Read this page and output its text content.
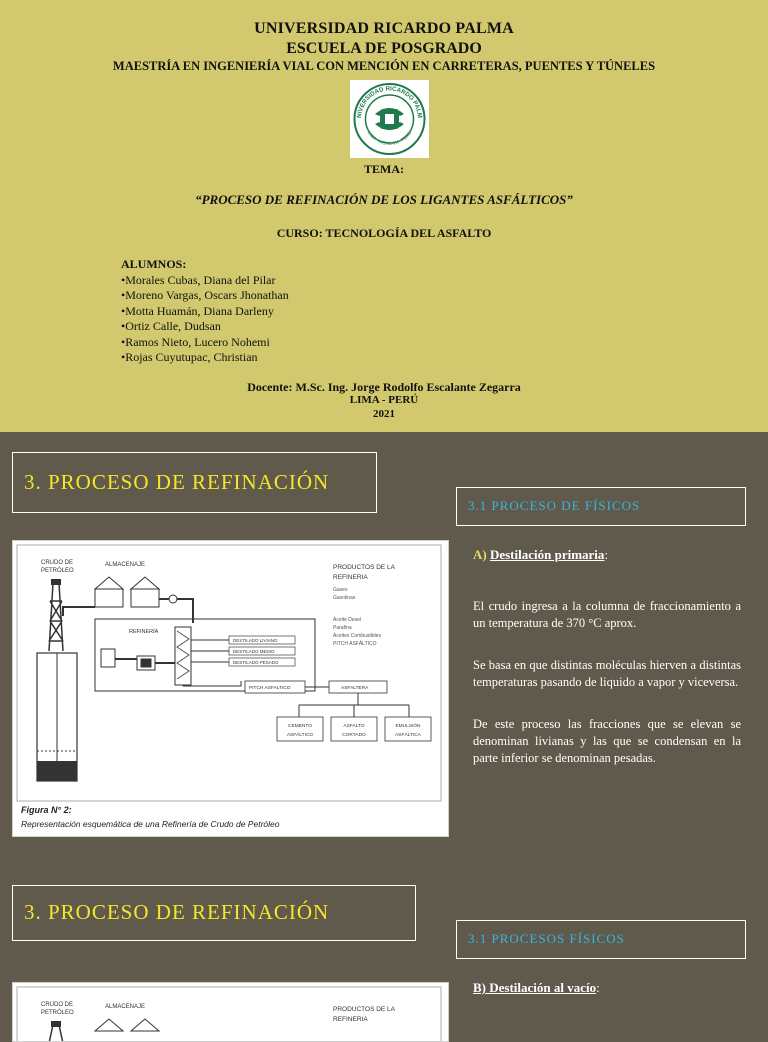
UNIVERSIDAD RICARDO PALMA
ESCUELA DE POSGRADO
MAESTRÍA EN INGENIERÍA VIAL CON MENCIÓN EN CARRETERAS, PUENTES Y TÚNELES
NIVERSIDAD RICARDO PALM
LIMA · MCMLXIX · PERÚ
TEMA:
“PROCESO DE REFINACIÓN DE LOS LIGANTES ASFÁLTICOS”
CURSO: TECNOLOGÍA DEL ASFALTO
ALUMNOS:
•Morales Cubas, Diana del Pilar
•Moreno Vargas, Oscars Jhonathan
•Motta Huamán, Diana Darleny
•Ortiz Calle, Dudsan
•Ramos Nieto, Lucero Nohemi
•Rojas Cuyutupac, Christian
Docente: M.Sc. Ing. Jorge Rodolfo Escalante Zegarra
LIMA - PERÚ
2021
3. PROCESO DE REFINACIÓN
3.1 PROCESO DE FÍSICOS
CRUDO DE
PETRÓLEO
ALMACENAJE
REFINERÍA
DESTILADO LIVIANO
DESTILADO MEDIO
DESTILADO PESADO
PRODUCTOS DE LA
REFINERIA
Gases
Gasolinas
Aceite Desel
Parafina
Aceites Combustibles
PITCH ASFÁLTICO
PITCH ASFALTICO	ASFALTERA
CEMENTO
ASFÁLTICO
ASFALTO
CORTADO
EMULSIÓN
ASFÁLTICA
Figura N° 2:
Representación esquemática de una Refinería de Crudo de Petróleo
A) Destilación primaria:
El crudo ingresa a la columna de fraccionamiento a un temperatura de 370 °C aprox.
Se basa en que distintas moléculas hierven a distintas temperaturas pasando de liquido a vapor y viceversa.
De este proceso las fracciones que se elevan se denominan livianas y las que se condensan en la parte inferior se denominan pesadas.
3. PROCESO DE REFINACIÓN
3.1 PROCESOS FÍSICOS
CRUDO DE
PETRÓLEO
ALMACENAJE	PRODUCTOS DE LA
REFINERIA
B) Destilación al vacío:
